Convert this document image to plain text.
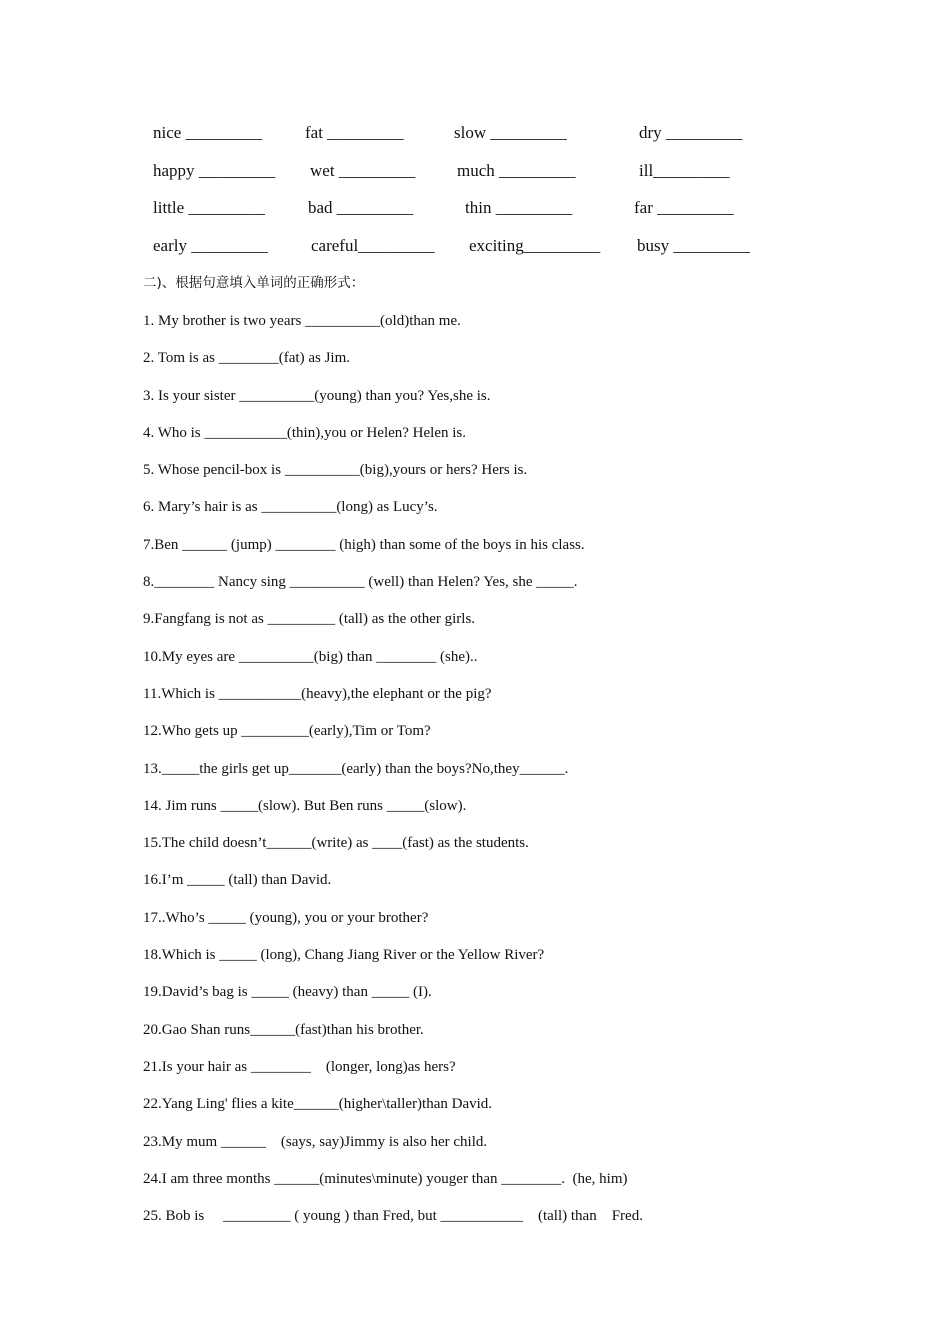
nice _________	fat _________	slow _________	dry _________
happy _________ wet _________ much _________	ill_________
little _________	bad _________	thin _________	far _________
early _________	careful_________ exciting_________ busy _________
二)、根据句意填入单词的正确形式：
1. My brother is two years __________(old)than me.
2. Tom is as ________(fat) as Jim.
3. Is your sister __________(young) than you? Yes,she is.
4. Who is ___________(thin),you or Helen? Helen is.
5. Whose pencil-box is __________(big),yours or hers? Hers is.
6. Mary’s hair is as __________(long) as Lucy’s.
7.Ben ______ (jump) ________ (high) than some of the boys in his class.
8.________ Nancy sing __________ (well) than Helen? Yes, she _____.
9.Fangfang is not as _________ (tall) as the other girls.
10.My eyes are __________(big) than ________ (she)..
11.Which is ___________(heavy),the elephant or the pig?
12.Who gets up _________(early),Tim or Tom?
13._____the girls get up_______(early) than the boys?No,they______.
14. Jim runs _____(slow). But Ben runs _____(slow).
15.The child doesn’t______(write) as ____(fast) as the students.
16.I’m _____ (tall) than David.
17..Who’s _____ (young), you or your brother?
18.Which is _____ (long), Chang Jiang River or the Yellow River?
19.David’s bag is _____ (heavy) than _____ (I).
20.Gao Shan runs______(fast)than his brother.
21.Is your hair as ________    (longer, long)as hers?
22.Yang Ling' flies a kite______(higher\taller)than David.
23.My mum ______    (says, say)Jimmy is also her child.
24.I am three months ______(minutes\minute) youger than ________.  (he, him)
25. Bob is     _________ ( young ) than Fred, but ___________    (tall) than    Fred.
